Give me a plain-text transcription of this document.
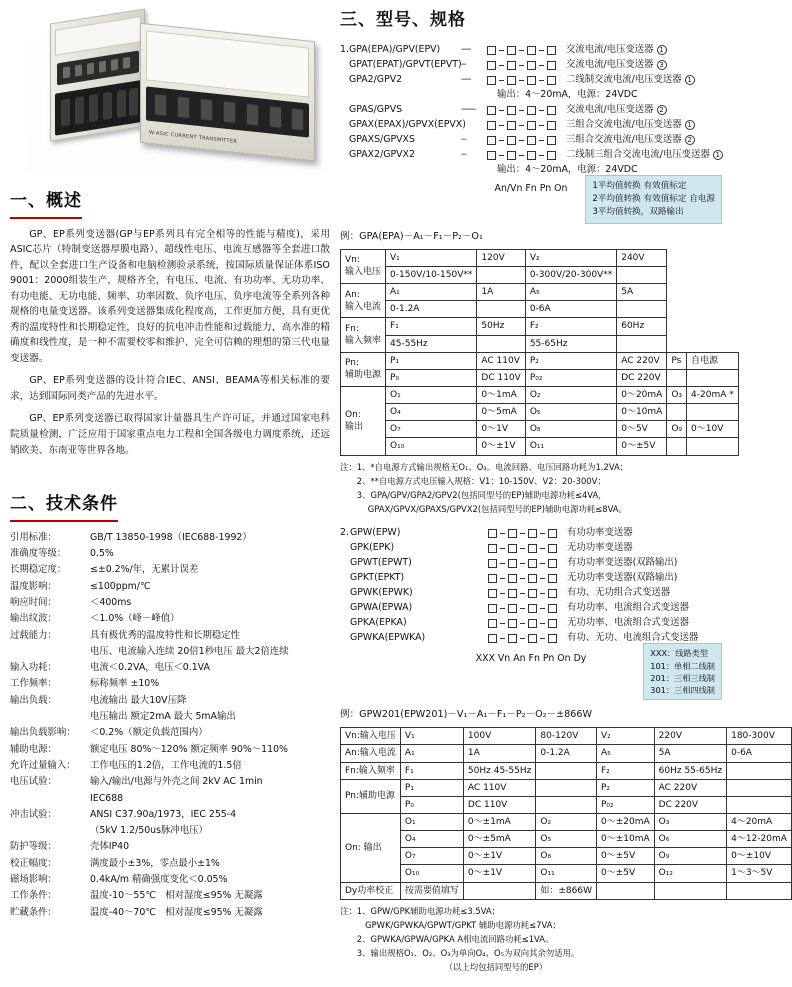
W-ASIC CURRENT TRANSMITTER
一、概述

GP、EP系列变送器(GP与EP系列具有完全相等的性能与精度)，采用ASIC芯片（特制变送器厚膜电路）、超线性电压、电流互感器等全套进口散件，配以全套进口生产设备和电脑检测验录系统，按国际质量保证体系ISO 9001：2000组装生产，规格齐全，有电压、电流、有功功率、无功功率、有功电能、无功电能、频率、功率因数、负序电压、负序电流等全系列各种规格的电量变送器。该系列变送器集成化程度高，工作更加方便，具有更优秀的温度特性和长期稳定性，良好的抗电冲击性能和过载能力，高水准的精确度和线性度，是一种不需要校零和维护、完全可信赖的理想的第三代电量变送器。

GP、EP系列变送器的设计符合IEC、ANSI、BEAMA等相关标准的要求，达到国际同类产品的先进水平。

GP、EP系列变送器已取得国家计量器具生产许可证，并通过国家电科院质量检测，广泛应用于国家重点电力工程和全国各级电力调度系统，还远销欧美、东南亚等世界各地。

二、技术条件
引用标准：	GB/T 13850-1998（IEC688-1992）
准确度等级：	0.5%
长期稳定度：	≤±0.2%/年，无累计误差
温度影响：	≤100ppm/℃
响应时间：	＜400ms
输出纹波：	＜1.0%（峰－峰值）
过载能力：	具有极优秀的温度特性和长期稳定性
	电压、电流输入连续 20倍1秒电压 最大2倍连续
输入功耗：	电流＜0.2VA，电压＜0.1VA
工作频率：	标称频率 ±10%
输出负载：	电流输出 最大10V压降
	电压输出 额定2mA 最大 5mA输出
输出负载影响：	＜0.2%（额定负载范围内）
辅助电源：	额定电压 80%～120% 额定频率 90%～110%
允许过量输入：	工作电压的1.2倍，工作电流的1.5倍
电压试验：	输入/输出/电源与外壳之间 2kV AC 1min
	IEC688
冲击试验：	ANSI C37.90a/1973，IEC 255-4
	（5kV 1.2/50us脉冲电压）
防护等级：	壳体IP40
校正幅度：	满度最小±3%，零点最小±1%
磁场影响：	0.4kA/m 精确强度变化＜0.05%
工作条件：	温度-10～55℃　相对湿度≤95% 无凝露
贮藏条件：	温度-40～70℃　相对湿度≤95% 无凝露
三、型号、规格
1. GPA(EPA)/GPV(EPV)	----	交流电流/电压变送器 1
GPAT(EPAT)/GPVT(EPVT) --	交流电流/电压变送器 3
GPA2/GPV2	----	二线制交流电流/电压变送器 1
输出：4～20mA，电源：24VDC
GPAS/GPVS	------	交流电流/电压变送器 2
GPAX(EPAX)/GPVX(EPVX)	三组合交流电流/电压变送器 1
GPAXS/GPVXS	--	三组合交流电流/电压变送器 2
GPAX2/GPVX2	--	二线制三组合交流电流/电压变送器 1
输出：4～20mA，电源：24VDC
An/Vn Fn Pn On	1平均值转换 有效值标定
2平均值转换 有效值标定 自电源
3平均值转换，双路输出
例：GPA(EPA)－A₁－F₁－P₂－O₁
Vn:
输入电压	V₁	120V	V₂	240V		
	0-150V/10-150V**		0-300V/20-300V**			

An:
输入电流	A₁	1A	A₅	5A		
	0-1.2A		0-6A			

Fn:
输入频率	F₁	50Hz	F₂	60Hz		
	45-55Hz		55-65Hz			

Pn:
辅助电源	P₁	AC 110V	P₂	AC 220V	Ps	自电源
	P₀	DC 110V	P₀₂	DC 220V		

On:
输出	O₁	0～1mA	O₂	0～20mA	O₃	4-20mA *
	O₄	0～5mA	O₅	0～10mA		
	O₇	0～1V	O₈	0～5V	O₉	0～10V
	O₁₀	0～±1V	O₁₁	0～±5V		
注：1、*自电源方式输出规格无O₁、O₃。电流回路、电压回路功耗为1.2VA；
　　2、**自电源方式电压输入规格：V1：10-150V、V2：20-300V；
　　3、GPA/GPV/GPA2/GPV2(包括同型号的EP)辅助电源功耗≤4VA，
　　　 GPAX/GPVX/GPAXS/GPVX2(包括同型号的EP)辅助电源功耗≤8VA。
2. GPW(EPW)	有功功率变送器
GPK(EPK)	无功功率变送器
GPWT(EPWT)	有功功率变送器(双路输出)
GPKT(EPKT)	无功功率变送器(双路输出)
GPWK(EPWK)	有功、无功组合式变送器
GPWA(EPWA)	有功功率、电流组合式变送器
GPKA(EPKA)	无功功率、电流组合式变送器
GPWKA(EPWKA)	有功、无功、电流组合式变送器
XXX Vn An Fn Pn On Dy	XXX：线路类型
101：单相二线制
201：三相三线制
301：三相四线制
例：GPW201(EPW201)－V₁－A₁－F₁－P₂－O₂－±866W
Vn:输入电压	V₁	100V	80-120V	V₂	220V	180-300V
An:输入电流	A₁	1A	0-1.2A	A₅	5A	0-6A
Fn:输入频率	F₁	50Hz 45-55Hz		F₂	60Hz 55-65Hz	
Pn:辅助电源	P₁	AC 110V		P₂	AC 220V	
	P₀	DC 110V		P₀₂	DC 220V	
On: 输出	O₁	0～±1mA	O₂	0～±20mA	O₃	4～20mA
	O₄	0～±5mA	O₅	0～±10mA	O₆	4～12-20mA
	O₇	0～±1V	O₈	0～±5V	O₉	0～±10V
	O₁₀	0～±1V	O₁₁	0～±5V	O₁₂	1～3～5V
Dy功率校正	按需要值填写		如：±866W			
注：1、GPW/GPK辅助电源功耗≤3.5VA；
　　　GPWK/GPWKA/GPWT/GPKT 辅助电源功耗≤7VA；
　　2、GPWKA/GPWA/GPKA A相电流回路功耗≤1VA。
　　3、输出规格O₁、O₂、O₃为单向O₄、O₅为双向其余勿适用。
　　　　　　　　　　　　　（以上均包括同型号的EP）
